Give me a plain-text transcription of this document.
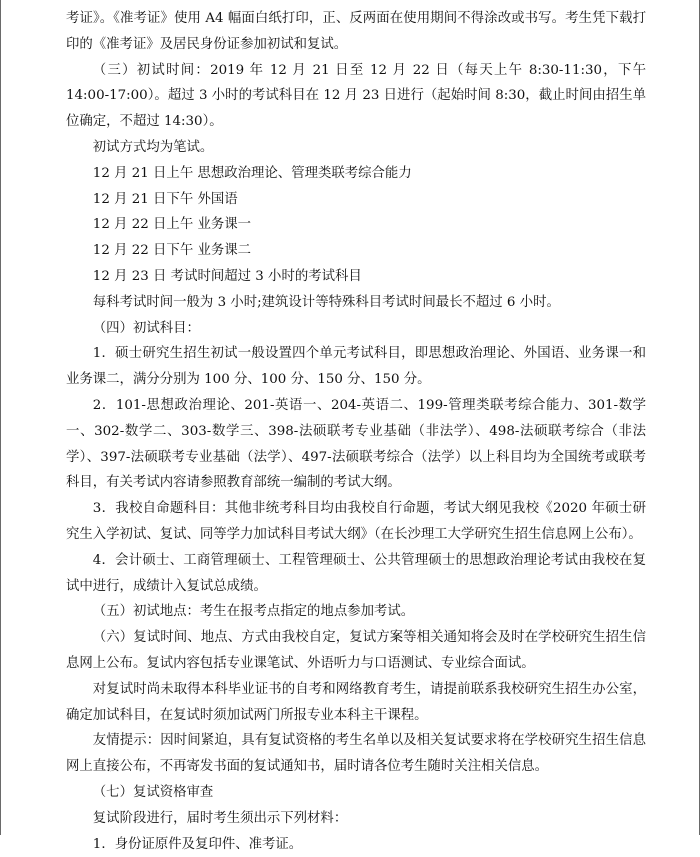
考证》。《准考证》使用 A4 幅面白纸打印，正、反两面在使用期间不得涂改或书写。考生凭下载打印的《准考证》及居民身份证参加初试和复试。

（三）初试时间：2019 年 12 月 21 日至 12 月 22 日（每天上午 8:30-11:30，下午 14:00-17:00）。超过 3 小时的考试科目在 12 月 23 日进行（起始时间 8:30，截止时间由招生单位确定，不超过 14:30）。

初试方式均为笔试。

12 月 21 日上午 思想政治理论、管理类联考综合能力

12 月 21 日下午 外国语

12 月 22 日上午 业务课一

12 月 22 日下午 业务课二

12 月 23 日 考试时间超过 3 小时的考试科目

每科考试时间一般为 3 小时;建筑设计等特殊科目考试时间最长不超过 6 小时。

（四）初试科目：

1．硕士研究生招生初试一般设置四个单元考试科目，即思想政治理论、外国语、业务课一和业务课二，满分分别为 100 分、100 分、150 分、150 分。

2．101-思想政治理论、201-英语一、204-英语二、199-管理类联考综合能力、301-数学一、302-数学二、303-数学三、398-法硕联考专业基础（非法学）、498-法硕联考综合（非法学）、397-法硕联考专业基础（法学）、497-法硕联考综合（法学）以上科目均为全国统考或联考科目，有关考试内容请参照教育部统一编制的考试大纲。

3．我校自命题科目：其他非统考科目均由我校自行命题，考试大纲见我校《2020 年硕士研究生入学初试、复试、同等学力加试科目考试大纲》（在长沙理工大学研究生招生信息网上公布）。

4．会计硕士、工商管理硕士、工程管理硕士、公共管理硕士的思想政治理论考试由我校在复试中进行，成绩计入复试总成绩。

（五）初试地点：考生在报考点指定的地点参加考试。

（六）复试时间、地点、方式由我校自定，复试方案等相关通知将会及时在学校研究生招生信息网上公布。复试内容包括专业课笔试、外语听力与口语测试、专业综合面试。

对复试时尚未取得本科毕业证书的自考和网络教育考生，请提前联系我校研究生招生办公室，确定加试科目，在复试时须加试两门所报专业本科主干课程。

友情提示：因时间紧迫，具有复试资格的考生名单以及相关复试要求将在学校研究生招生信息网上直接公布，不再寄发书面的复试通知书，届时请各位考生随时关注相关信息。

（七）复试资格审查

复试阶段进行，届时考生须出示下列材料：

1．身份证原件及复印件、准考证。
